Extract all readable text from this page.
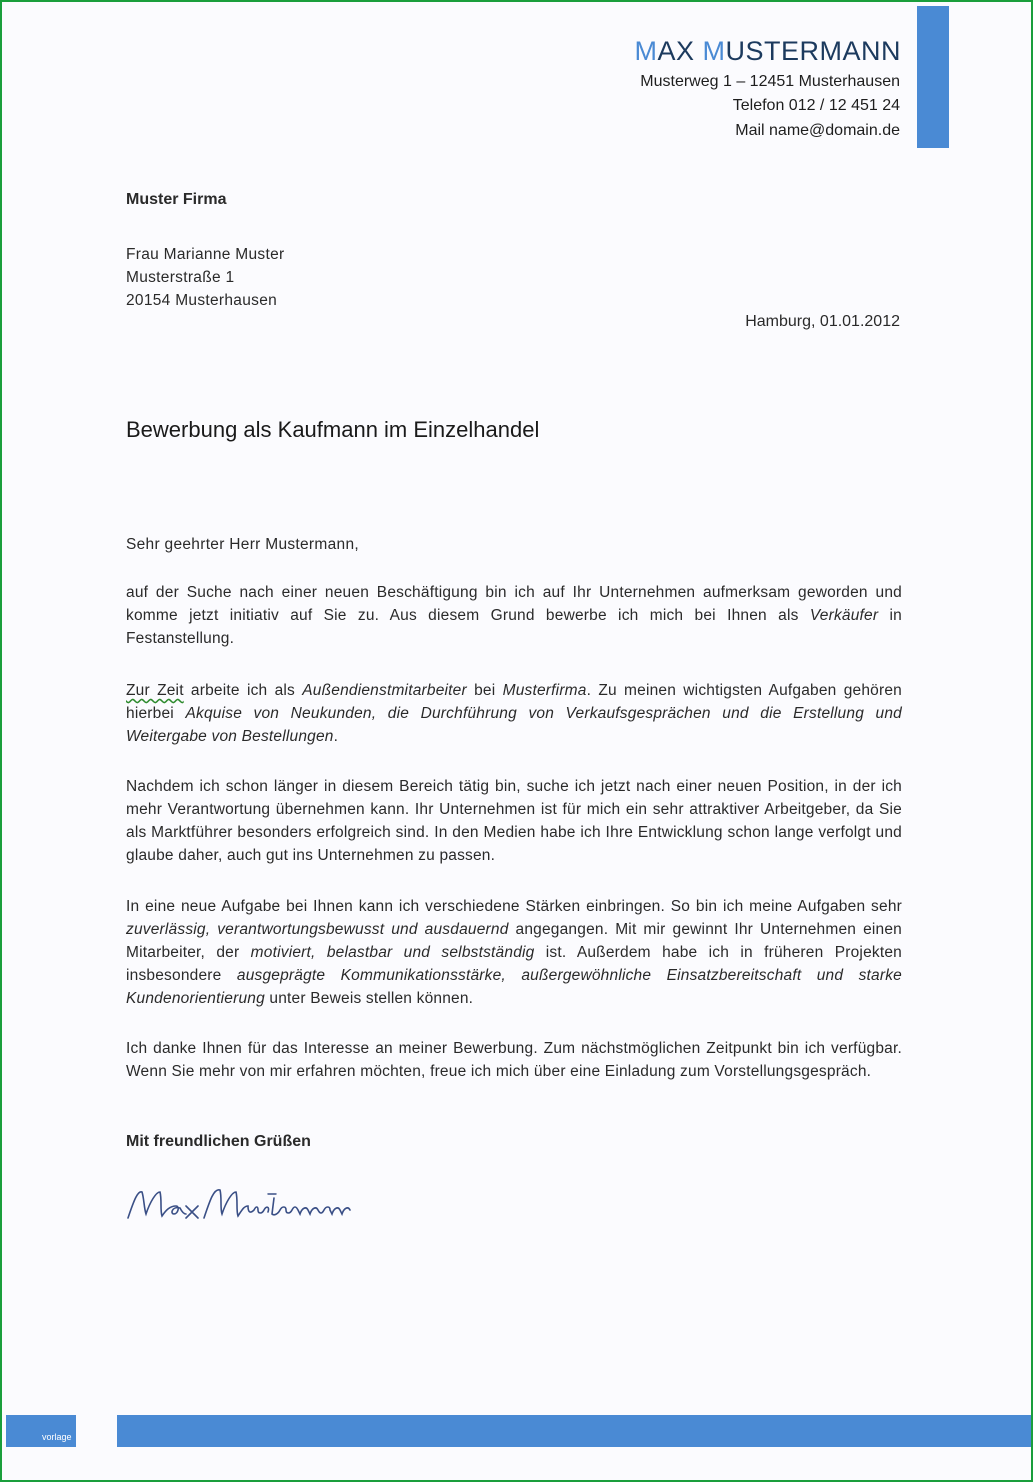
MAX MUSTERMANN
Musterweg 1 – 12451 Musterhausen
Telefon 012 / 12 451 24
Mail name@domain.de
Muster Firma
Frau Marianne Muster
Musterstraße 1
20154 Musterhausen
Hamburg, 01.01.2012
Bewerbung als Kaufmann im Einzelhandel
Sehr geehrter Herr Mustermann,

auf der Suche nach einer neuen Beschäftigung bin ich auf Ihr Unternehmen aufmerksam geworden und komme jetzt initiativ auf Sie zu. Aus diesem Grund bewerbe ich mich bei Ihnen als Verkäufer in Festanstellung.

Zur Zeit arbeite ich als Außendienstmitarbeiter bei Musterfirma. Zu meinen wichtigsten Aufgaben gehören hierbei Akquise von Neukunden, die Durchführung von Verkaufsgesprächen und die Erstellung und Weitergabe von Bestellungen.

Nachdem ich schon länger in diesem Bereich tätig bin, suche ich jetzt nach einer neuen Position, in der ich mehr Verantwortung übernehmen kann. Ihr Unternehmen ist für mich ein sehr attraktiver Arbeitgeber, da Sie als Marktführer besonders erfolgreich sind. In den Medien habe ich Ihre Entwicklung schon lange verfolgt und glaube daher, auch gut ins Unternehmen zu passen.

In eine neue Aufgabe bei Ihnen kann ich verschiedene Stärken einbringen. So bin ich meine Aufgaben sehr zuverlässig, verantwortungsbewusst und ausdauernd angegangen. Mit mir gewinnt Ihr Unternehmen einen Mitarbeiter, der motiviert, belastbar und selbstständig ist. Außerdem habe ich in früheren Projekten insbesondere ausgeprägte Kommunikationsstärke, außergewöhnliche Einsatzbereitschaft und starke Kundenorientierung unter Beweis stellen können.

Ich danke Ihnen für das Interesse an meiner Bewerbung. Zum nächstmöglichen Zeitpunkt bin ich verfügbar. Wenn Sie mehr von mir erfahren möchten, freue ich mich über eine Einladung zum Vorstellungsgespräch.

Mit freundlichen Grüßen
vorlage
